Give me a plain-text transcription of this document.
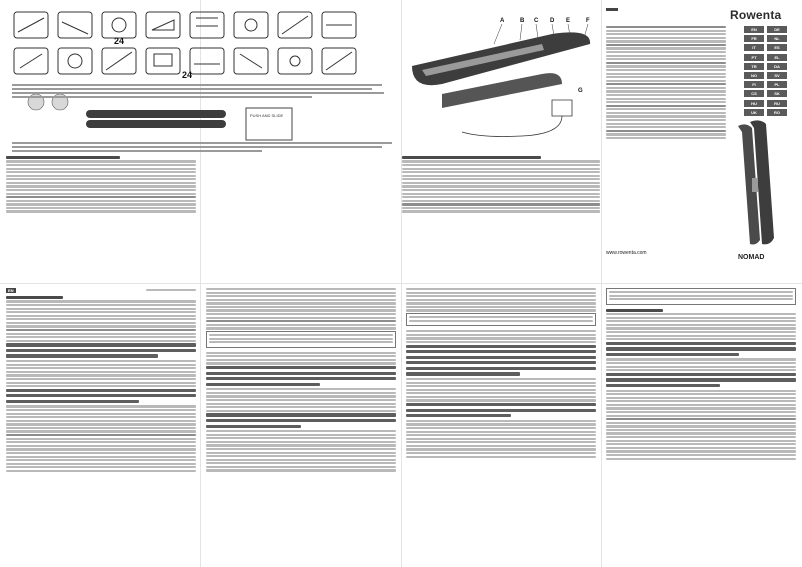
24
24
PUSH AND SLIDE
A	B C D E	F
G
Rowenta
EN	DE
FR	NL
IT	ES
PT	EL
TR	DA
NO	SV
FI	PL
CS	SK
HU	RU
UK	RO
www.rowenta.com
NOMAD
EN
